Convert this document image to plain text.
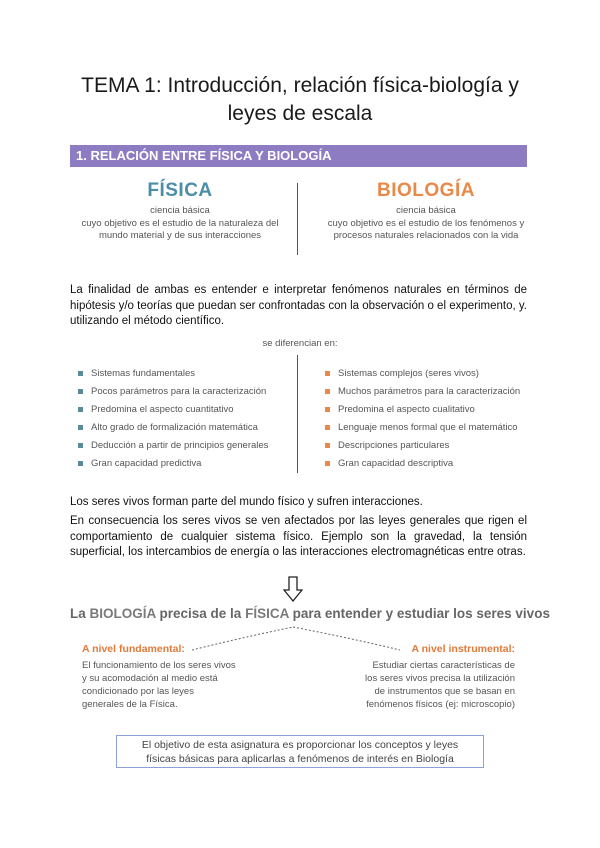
TEMA 1: Introducción, relación física-biología y
leyes de escala
1. RELACIÓN ENTRE FÍSICA Y BIOLOGÍA
FÍSICA
ciencia básica
cuyo objetivo es el estudio de la naturaleza del
mundo material y de sus interacciones
BIOLOGÍA
ciencia básica
cuyo objetivo es el estudio de los fenómenos y
procesos naturales relacionados con la vida
La finalidad de ambas es entender e interpretar fenómenos naturales en términos de hipótesis y/o teorías que puedan ser confrontadas con la observación o el experimento, y. utilizando el método científico.
se diferencian en:
Sistemas fundamentales
Pocos parámetros para la caracterización
Predomina el aspecto cuantitativo
Alto grado de formalización matemática
Deducción a partir de principios generales
Gran capacidad predictiva
Sistemas complejos (seres vivos)
Muchos parámetros para la caracterización
Predomina el aspecto cualitativo
Lenguaje menos formal que el matemático
Descripciones particulares
Gran capacidad descriptiva
Los seres vivos forman parte del mundo físico y sufren interacciones.
En consecuencia los seres vivos se ven afectados por las leyes generales que rigen el comportamiento de cualquier sistema físico. Ejemplo son la gravedad, la tensión superficial, los intercambios de energía o las interacciones electromagnéticas entre otras.
La BIOLOGÍA precisa de la FÍSICA para entender y estudiar los seres vivos
A nivel fundamental:
El funcionamiento de los seres vivos
y su acomodación al medio está
condicionado por las leyes
generales de la Física.
A nivel instrumental:
Estudiar ciertas características de
los seres vivos precisa la utilización
de instrumentos que se basan en
fenómenos físicos (ej: microscopio)
El objetivo de esta asignatura es proporcionar los conceptos y leyes
físicas básicas para aplicarlas a fenómenos de interés en Biología
